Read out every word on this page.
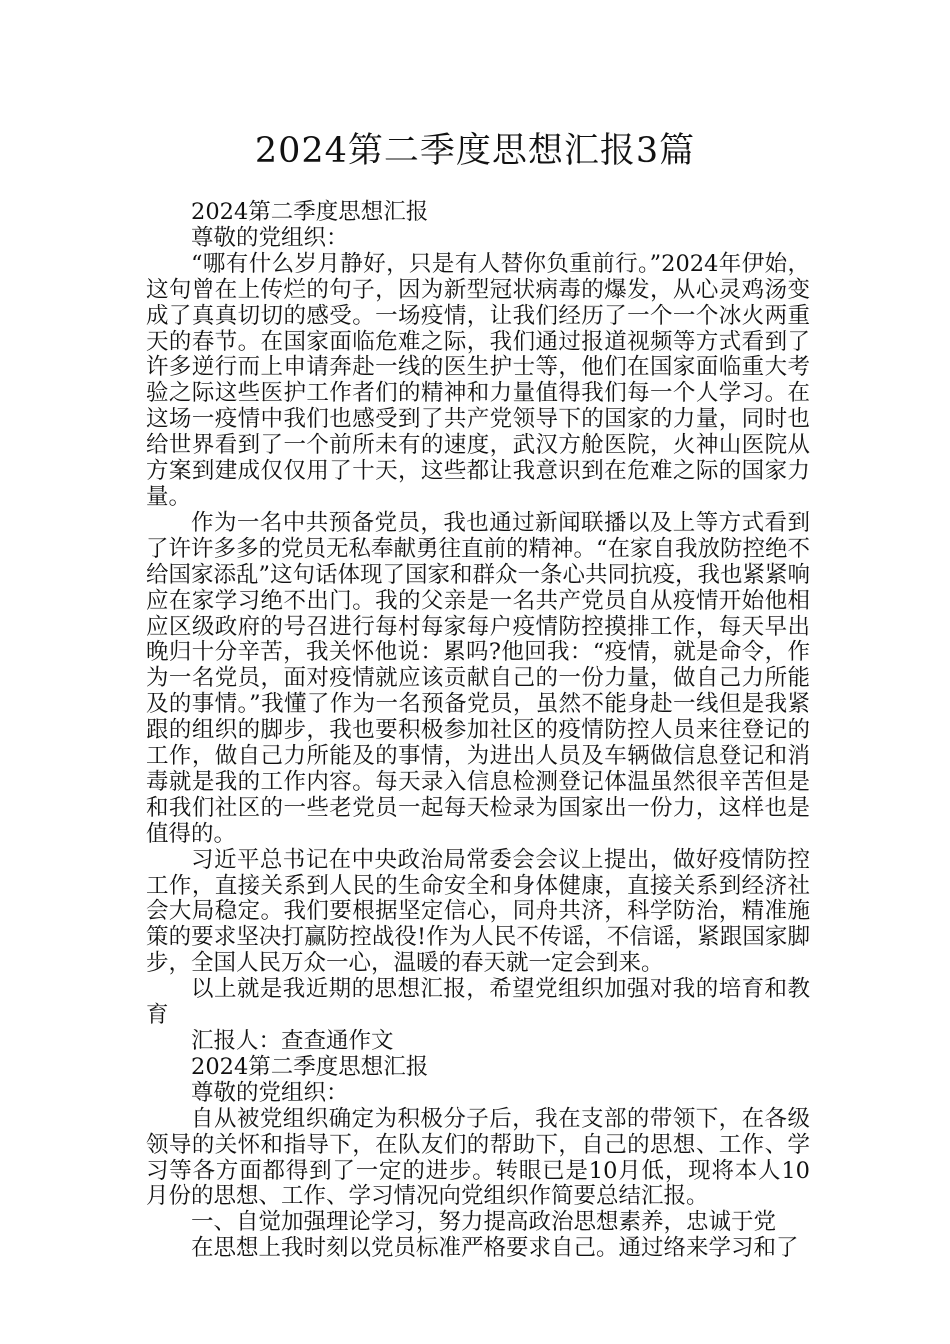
2024第二季度思想汇报3篇

2024第二季度思想汇报

尊敬的党组织：

“哪有什么岁月静好，只是有人替你负重前行。”2024年伊始，这句曾在上传烂的句子，因为新型冠状病毒的爆发，从心灵鸡汤变成了真真切切的感受。一场疫情，让我们经历了一个一个冰火两重天的春节。在国家面临危难之际，我们通过报道视频等方式看到了许多逆行而上申请奔赴一线的医生护士等，他们在国家面临重大考验之际这些医护工作者们的精神和力量值得我们每一个人学习。在这场一疫情中我们也感受到了共产党领导下的国家的力量，同时也给世界看到了一个前所未有的速度，武汉方舱医院，火神山医院从方案到建成仅仅用了十天，这些都让我意识到在危难之际的国家力量。

作为一名中共预备党员，我也通过新闻联播以及上等方式看到了许许多多的党员无私奉献勇往直前的精神。“在家自我放防控绝不给国家添乱”这句话体现了国家和群众一条心共同抗疫，我也紧紧响应在家学习绝不出门。我的父亲是一名共产党员自从疫情开始他相应区级政府的号召进行每村每家每户疫情防控摸排工作，每天早出晚归十分辛苦，我关怀他说：累吗?他回我：“疫情，就是命令，作为一名党员，面对疫情就应该贡献自己的一份力量，做自己力所能及的事情。”我懂了作为一名预备党员，虽然不能身赴一线但是我紧跟的组织的脚步，我也要积极参加社区的疫情防控人员来往登记的工作，做自己力所能及的事情，为进出人员及车辆做信息登记和消毒就是我的工作内容。每天录入信息检测登记体温虽然很辛苦但是和我们社区的一些老党员一起每天检录为国家出一份力，这样也是值得的。

习近平总书记在中央政治局常委会会议上提出，做好疫情防控工作，直接关系到人民的生命安全和身体健康，直接关系到经济社会大局稳定。我们要根据坚定信心，同舟共济，科学防治，精准施策的要求坚决打赢防控战役!作为人民不传谣，不信谣，紧跟国家脚步，全国人民万众一心，温暖的春天就一定会到来。

以上就是我近期的思想汇报，希望党组织加强对我的培育和教育

汇报人：查查通作文

2024第二季度思想汇报

尊敬的党组织：

自从被党组织确定为积极分子后，我在支部的带领下，在各级领导的关怀和指导下，在队友们的帮助下，自己的思想、工作、学习等各方面都得到了一定的进步。转眼已是10月低，现将本人10月份的思想、工作、学习情况向党组织作简要总结汇报。

一、自觉加强理论学习，努力提高政治思想素养，忠诚于党

在思想上我时刻以党员标准严格要求自己。通过络来学习和了
